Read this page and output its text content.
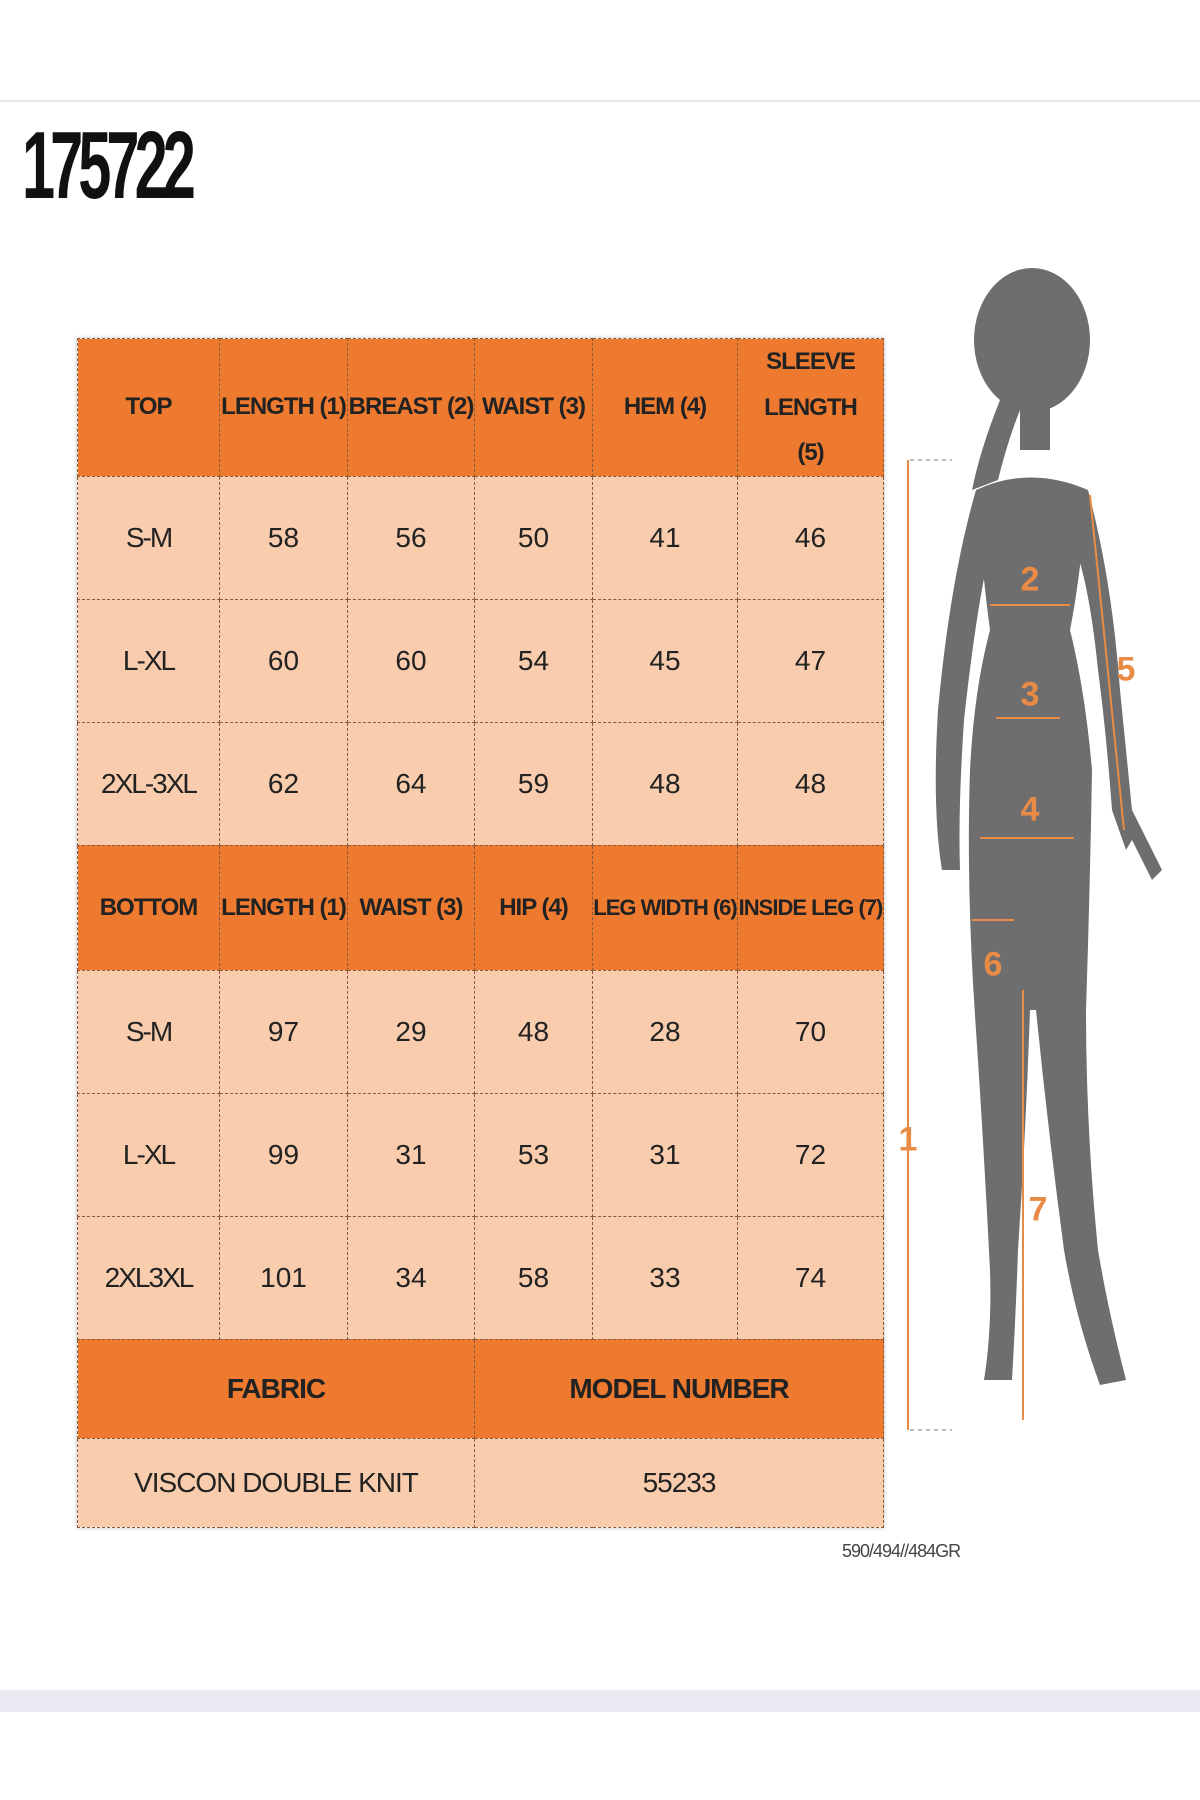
175722
TOP	LENGTH (1)	BREAST (2)	WAIST (3)	HEM (4)	SLEEVE LENGTH (5)
S-M	58	56	50	41	46
L-XL	60	60	54	45	47
2XL-3XL	62	64	59	48	48
BOTTOM	LENGTH (1)	WAIST (3)	HIP (4)	LEG WIDTH (6)	INSIDE LEG (7)
S-M	97	29	48	28	70
L-XL	99	31	53	31	72
2XL3XL	101	34	58	33	74
FABRIC			MODEL NUMBER		
VISCON DOUBLE KNIT			55233		
590/494//484GR
1
2
3
4
5
6
7
